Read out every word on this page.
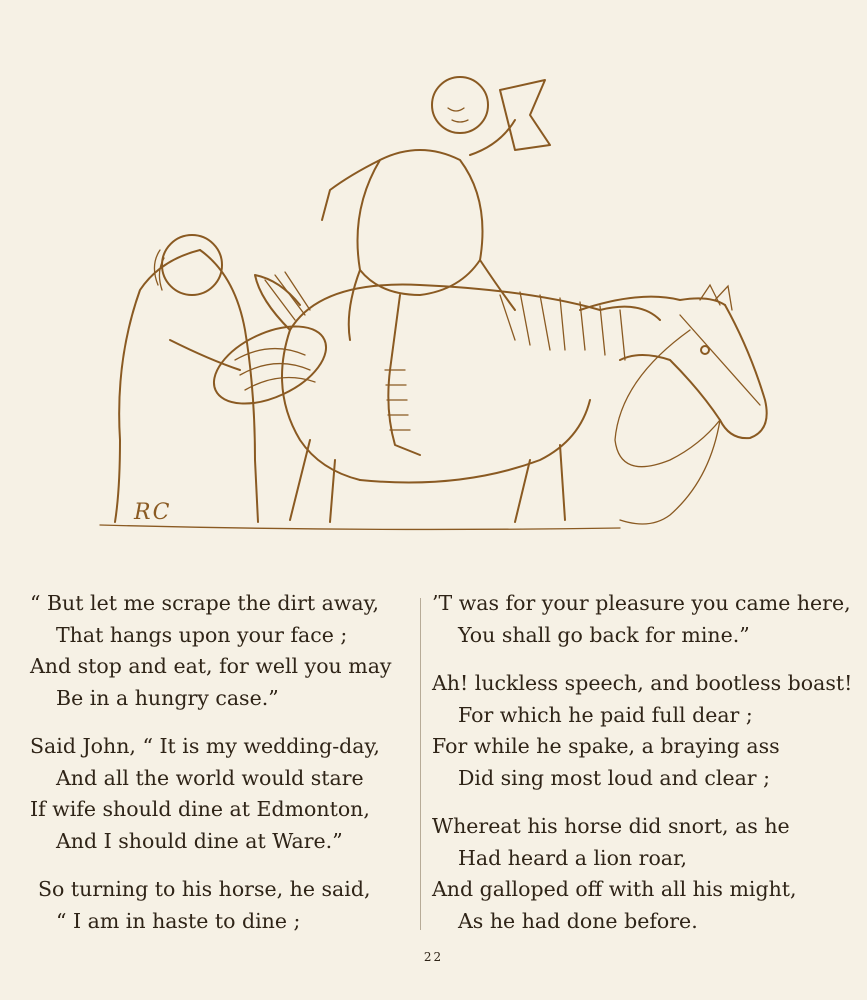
RC
“ But let me scrape the dirt away,
That hangs upon your face ;
And stop and eat, for well you may
Be in a hungry case.”
Said John, “ It is my wedding-day,
And all the world would stare
If wife should dine at Edmonton,
And I should dine at Ware.”
So turning to his horse, he said,
“ I am in haste to dine ;
’T was for your pleasure you came here,
You shall go back for mine.”
Ah! luckless speech, and bootless boast!
For which he paid full dear ;
For while he spake, a braying ass
Did sing most loud and clear ;
Whereat his horse did snort, as he
Had heard a lion roar,
And galloped off with all his might,
As he had done before.
22
